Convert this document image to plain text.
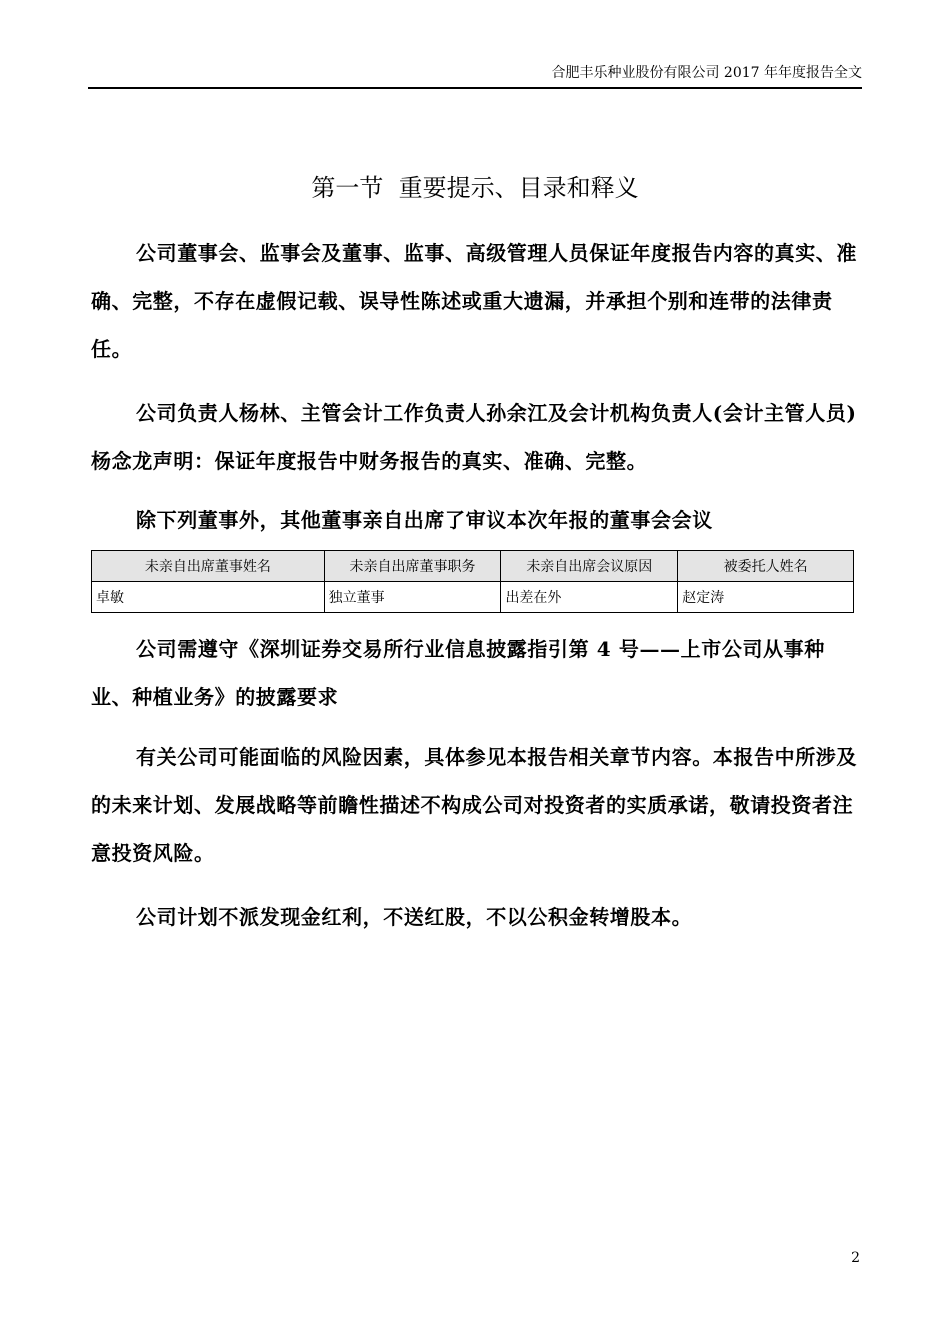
合肥丰乐种业股份有限公司 2017 年年度报告全文
第一节  重要提示、目录和释义

公司董事会、监事会及董事、监事、高级管理人员保证年度报告内容的真实、准确、完整，不存在虚假记载、误导性陈述或重大遗漏，并承担个别和连带的法律责任。

公司负责人杨林、主管会计工作负责人孙余江及会计机构负责人(会计主管人员)杨念龙声明：保证年度报告中财务报告的真实、准确、完整。

除下列董事外，其他董事亲自出席了审议本次年报的董事会会议

未亲自出席董事姓名	未亲自出席董事职务	未亲自出席会议原因	被委托人姓名
卓敏	独立董事	出差在外	赵定涛

公司需遵守《深圳证券交易所行业信息披露指引第 4 号——上市公司从事种业、种植业务》的披露要求

有关公司可能面临的风险因素，具体参见本报告相关章节内容。本报告中所涉及的未来计划、发展战略等前瞻性描述不构成公司对投资者的实质承诺，敬请投资者注意投资风险。

公司计划不派发现金红利，不送红股，不以公积金转增股本。

2
